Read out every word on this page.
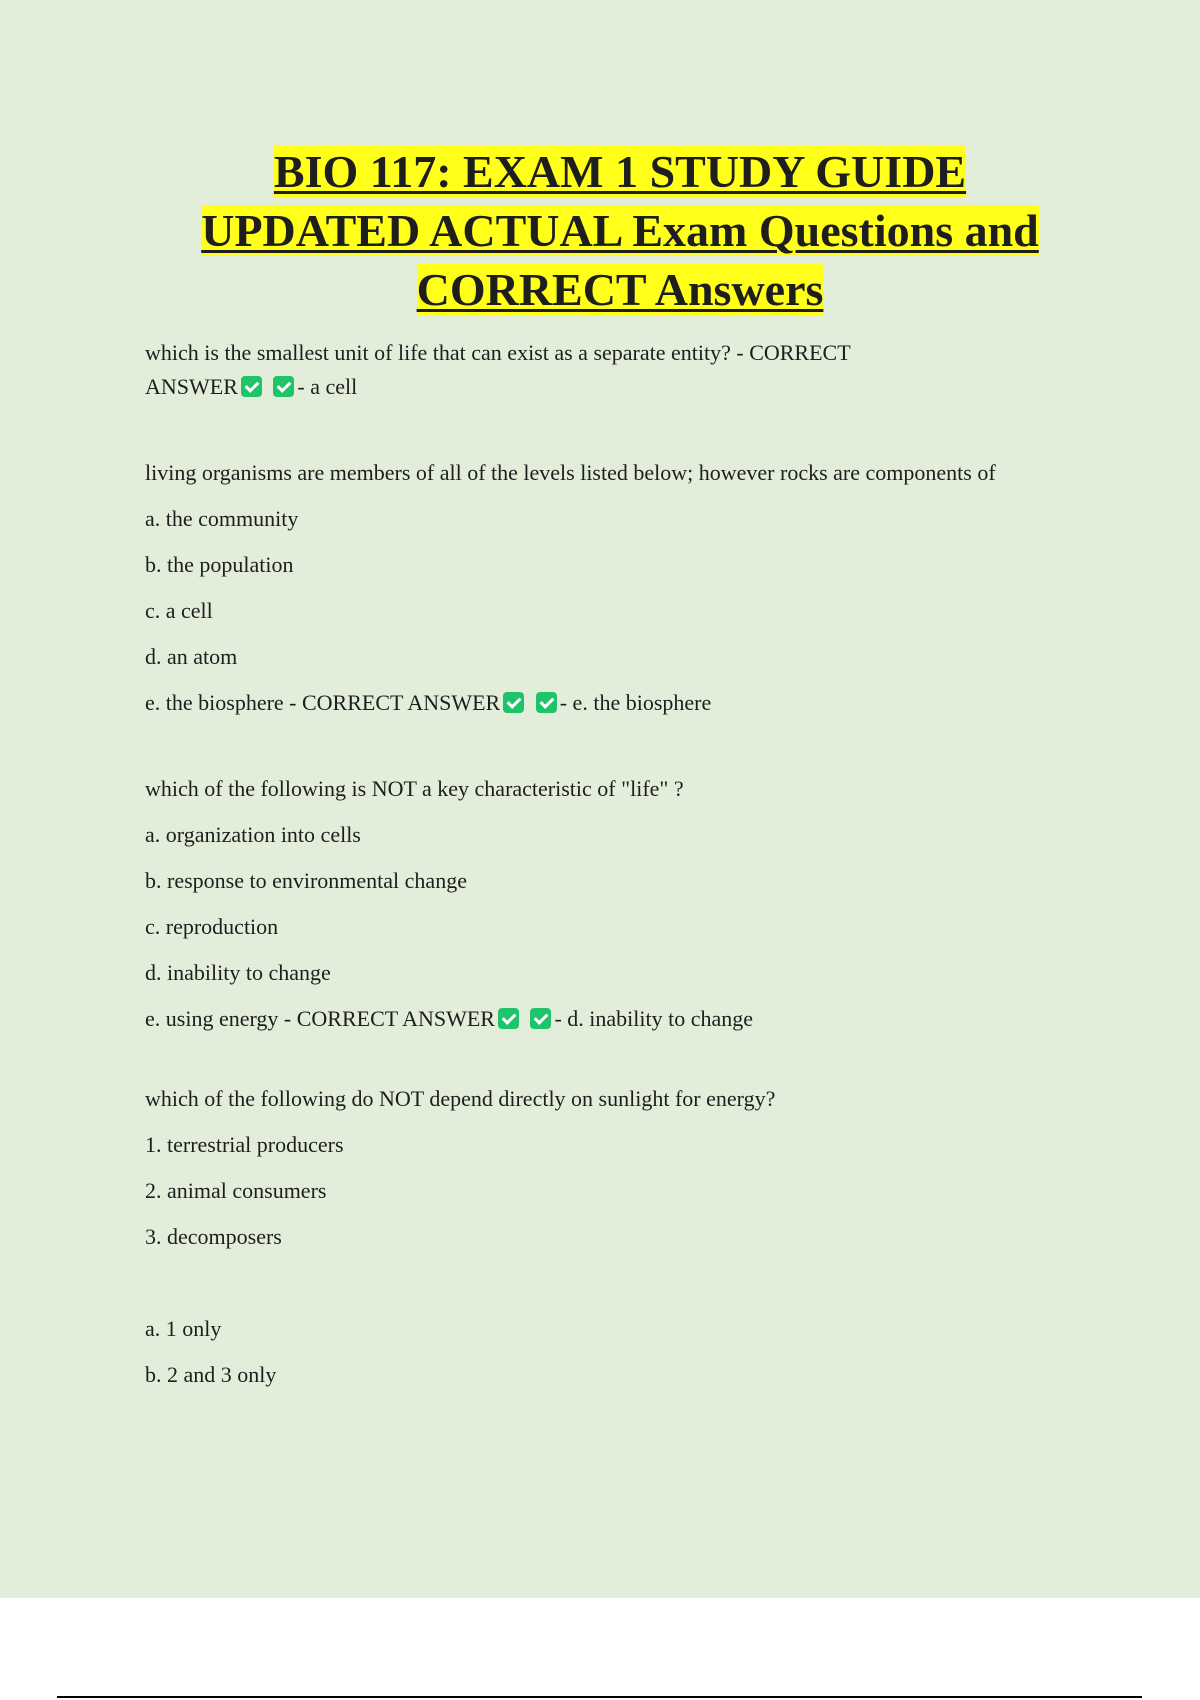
BIO 117: EXAM 1 STUDY GUIDE
UPDATED ACTUAL Exam Questions and
CORRECT Answers
which is the smallest unit of life that can exist as a separate entity? - CORRECT
ANSWER	- a cell
living organisms are members of all of the levels listed below; however rocks are components of
a. the community
b. the population
c. a cell
d. an atom
e. the biosphere - CORRECT ANSWER	- e. the biosphere
which of the following is NOT a key characteristic of "life" ?
a. organization into cells
b. response to environmental change
c. reproduction
d. inability to change
e. using energy - CORRECT ANSWER	- d. inability to change
which of the following do NOT depend directly on sunlight for energy?
1. terrestrial producers
2. animal consumers
3. decomposers
a. 1 only
b. 2 and 3 only
